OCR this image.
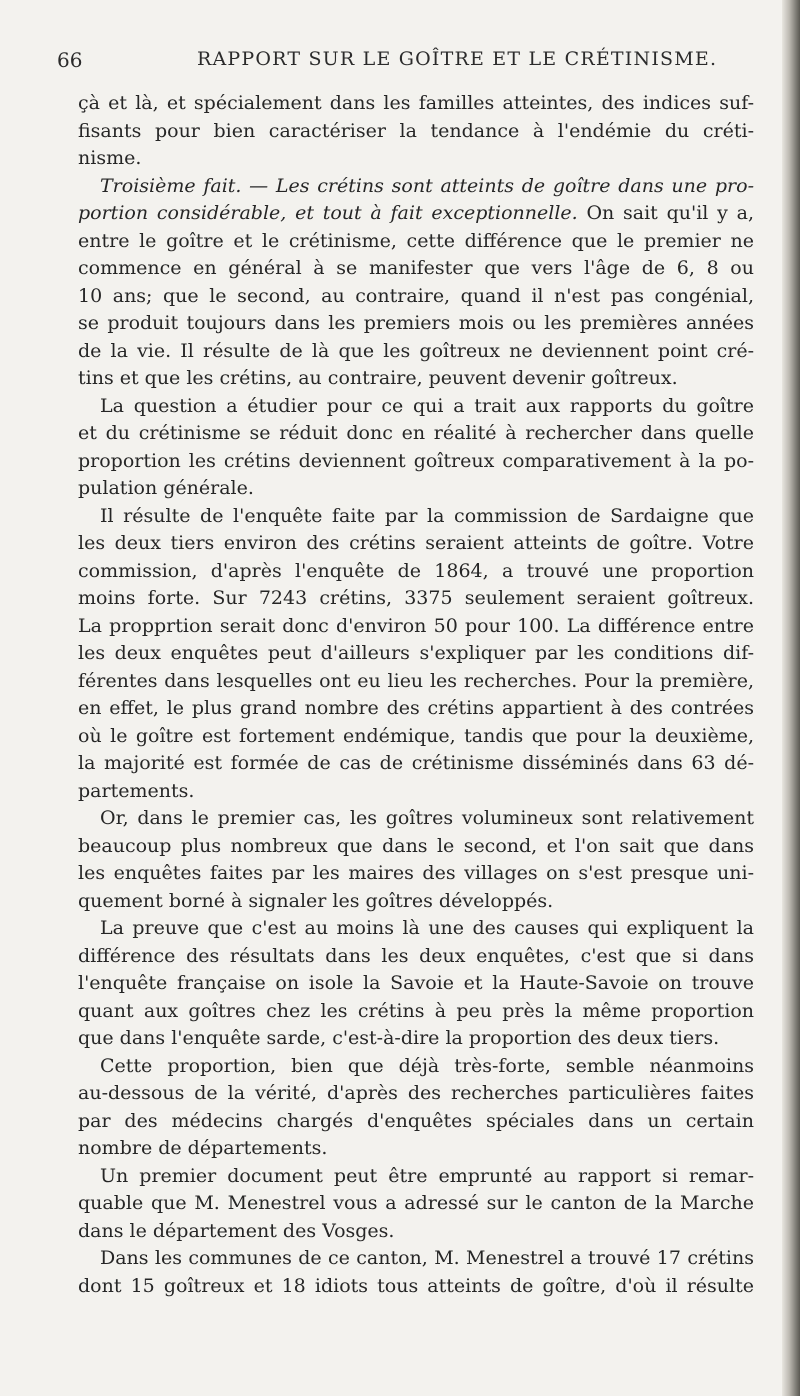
66	RAPPORT SUR LE GOÎTRE ET LE CRÉTINISME.
çà et là, et spécialement dans les familles atteintes, des indices suf-
fisants pour bien caractériser la tendance à l'endémie du créti-
nisme.
Troisième fait. — Les crétins sont atteints de goître dans une pro-
portion considérable, et tout à fait exceptionnelle. On sait qu'il y a,
entre le goître et le crétinisme, cette différence que le premier ne
commence en général à se manifester que vers l'âge de 6, 8 ou
10 ans; que le second, au contraire, quand il n'est pas congénial,
se produit toujours dans les premiers mois ou les premières années
de la vie. Il résulte de là que les goîtreux ne deviennent point cré-
tins et que les crétins, au contraire, peuvent devenir goîtreux.
La question a étudier pour ce qui a trait aux rapports du goître
et du crétinisme se réduit donc en réalité à rechercher dans quelle
proportion les crétins deviennent goîtreux comparativement à la po-
pulation générale.
Il résulte de l'enquête faite par la commission de Sardaigne que
les deux tiers environ des crétins seraient atteints de goître. Votre
commission, d'après l'enquête de 1864, a trouvé une proportion
moins forte. Sur 7243 crétins, 3375 seulement seraient goîtreux.
La propprtion serait donc d'environ 50 pour 100. La différence entre
les deux enquêtes peut d'ailleurs s'expliquer par les conditions dif-
férentes dans lesquelles ont eu lieu les recherches. Pour la première,
en effet, le plus grand nombre des crétins appartient à des contrées
où le goître est fortement endémique, tandis que pour la deuxième,
la majorité est formée de cas de crétinisme disséminés dans 63 dé-
partements.
Or, dans le premier cas, les goîtres volumineux sont relativement
beaucoup plus nombreux que dans le second, et l'on sait que dans
les enquêtes faites par les maires des villages on s'est presque uni-
quement borné à signaler les goîtres développés.
La preuve que c'est au moins là une des causes qui expliquent la
différence des résultats dans les deux enquêtes, c'est que si dans
l'enquête française on isole la Savoie et la Haute-Savoie on trouve
quant aux goîtres chez les crétins à peu près la même proportion
que dans l'enquête sarde, c'est-à-dire la proportion des deux tiers.
Cette proportion, bien que déjà très-forte, semble néanmoins
au-dessous de la vérité, d'après des recherches particulières faites
par des médecins chargés d'enquêtes spéciales dans un certain
nombre de départements.
Un premier document peut être emprunté au rapport si remar-
quable que M. Menestrel vous a adressé sur le canton de la Marche
dans le département des Vosges.
Dans les communes de ce canton, M. Menestrel a trouvé 17 crétins
dont 15 goîtreux et 18 idiots tous atteints de goître, d'où il résulte
